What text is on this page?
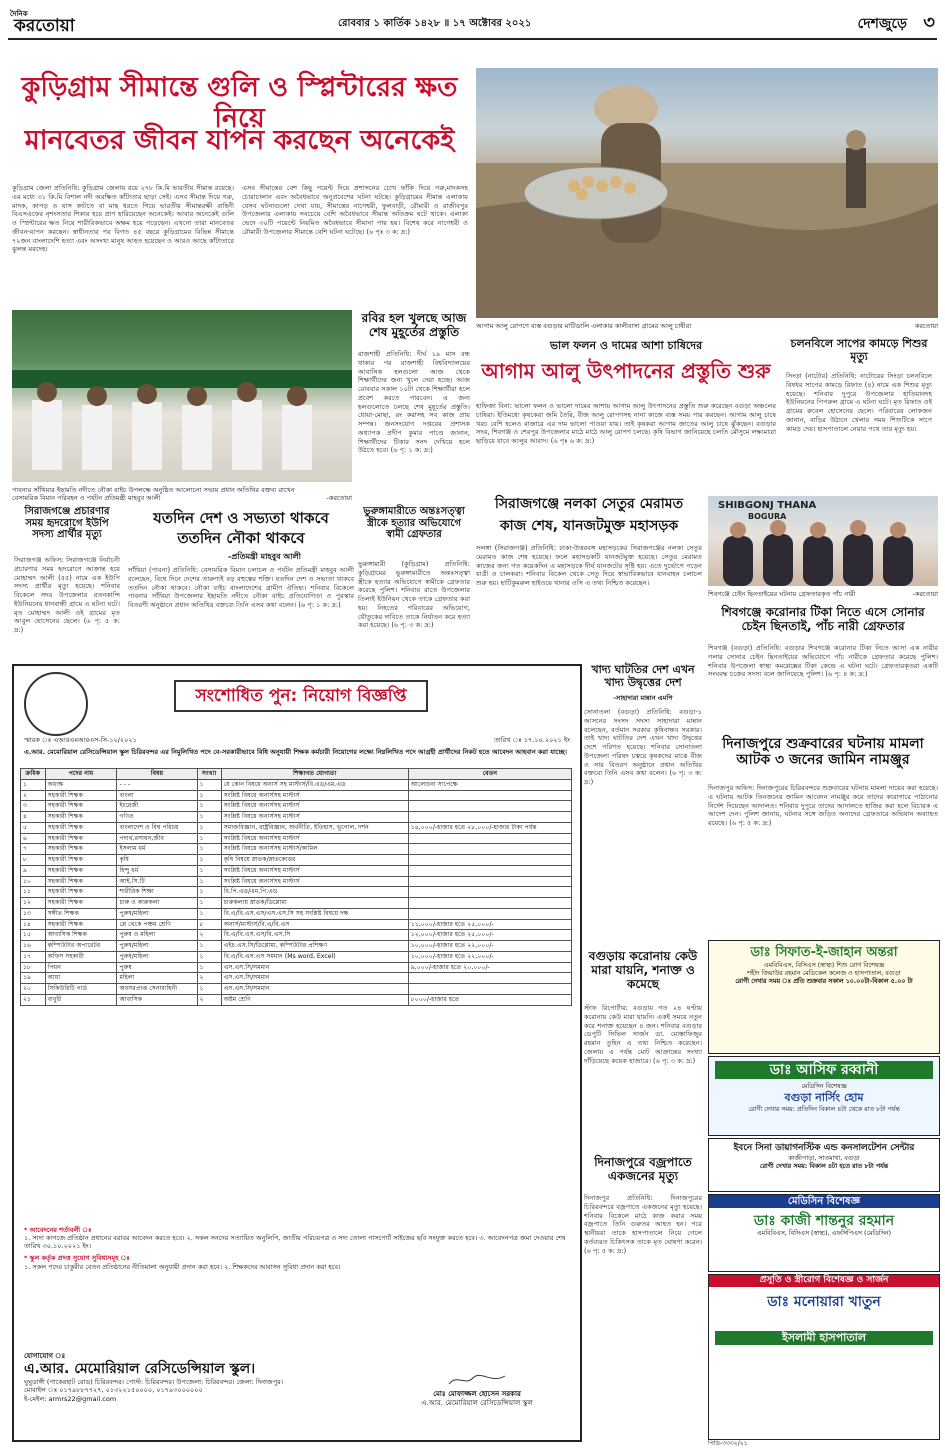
দৈনিক
করতোয়া	রোববার ১ কার্তিক ১৪২৮ ॥ ১৭ অক্টোবর ২০২১	দেশজুড়ে ৩
কুড়িগ্রাম সীমান্তে গুলি ও স্প্লিন্টারের ক্ষত নিয়ে
মানবেতর জীবন যাপন করছেন অনেকেই
কুড়িগ্রাম জেলা প্রতিনিধি: কুড়িগ্রাম জেলায় রয়ে ২৭৮ কি.মি ভারতীয় সীমান্ত রয়েছে। এর মধ্যে ৩১ কি.মি বিশাল নদী অরক্ষিত কাঁটাতার ছাড়া সেই। এসব সীমান্ত দিয়ে গরু, মাদক, কাপড় ও যাস কাটতে বা মাছ ধরতে গিয়ে ভারতীয় সীমান্তরক্ষী বাহিনী বিএসএফের নৃশংসতার শিকার হয়ে প্রাণ হারিয়েছেন অনেকেই। আবার অনেকেই গুলি ও স্প্লিন্টারের ক্ষত নিয়ে শারীরিকভাবে অক্ষম হয়ে পড়েছেন। এখনো তারা মানবেতর জীবন-যাপন করছেন। স্বাধীনতার পর বিগত ৪৫ বছরে কুড়িগ্রামের বিভিন্ন সীমান্তে ৭২জন বাংলাদেশি হত্যা এবং অসংখ্য মানুষ আহত হয়েছেন ও আরও আছে কাঁটাতারে ঝুলন্ত মরদেহ।
এসব সীমান্তের বেশ কিছু পয়েন্ট দিয়ে প্রশাসনের চোখ ফাঁকি দিয়ে গরু,মাদকসহ চোরাচালান এবং অবৈধভাবে অনুপ্রবেশের ঘটনা ঘটছে। কুড়িগ্রামের সীমান্ত এলাকায় যেসব ঘটনাগুলো দেখা যায়, সীমান্তের নাগেশ্বরী, ফুলবাড়ী, রৌমারী ও রাজীবপুর উপজেলার এলাকায় সবচেয়ে বেশি অবৈধভাবে সীমান্ত অতিক্রম ঘটে থাকে। এলাকা ভেদে ৩০টি পয়েন্টে নিয়মিত অবৈধভাবে সীমানা পার হয়। বিশেষ করে নাগেশ্বরী ও রৌমারী উপজেলার সীমান্তে বেশি ঘটনা ঘটেছে। (৬ পৃঃ ৩ ক: দ্র:)
আগাম আলু রোপণে ব্যস্ত বগুড়ার মাটিডালি এলাকার কালীবাসা গ্রামের আলু চাষীরা	করতোয়া
পাবনার সাঁথিয়ার ইছামতি নদীতে নৌকা বাইচ উপলক্ষে অনুষ্ঠিত আলোচনা সভায় প্রধান অতিথির বক্তব্য রাখেন বেসামরিক বিমান পরিবহন ও পর্যটন প্রতিমন্ত্রী মাহবুব আলী	-করতোয়া
রবির হল খুলছে আজ শেষ মুহূর্তের প্রস্তুতি
রাজশাহী প্রতিনিধি: দীর্ঘ ১৯ মাস বন্ধ থাকার পর রাজশাহী বিশ্ববিদ্যালয়ের আবাসিক হলগুলো আজ থেকে শিক্ষার্থীদের জন্য খুলে দেয়া হচ্ছে। আজ রোববার সকাল ১০টা থেকে শিক্ষার্থীরা হলে প্রবেশ করতে পারবেন। এ জন্য হলগুলোতে চলছে শেষ মুহূর্তের প্রস্তুতি। ধোয়া-মোছা, রং করাসহ সব কাজ প্রায় সম্পন্ন। জনসংযোগ দপ্তরের প্রশাসক অধ্যাপক প্রদীপ কুমার পাণ্ডে জানান, শিক্ষার্থীদের টিকার সনদ দেখিয়ে হলে উঠতে হবে। (৬ পৃ: ১ ক: দ্র:)
সিরাজগঞ্জে প্রচারণার সময় হৃদরোগে ইউপি সদস্য প্রার্থীর মৃত্যু
সিরাজগঞ্জ অফিস: সিরাজগঞ্জে নির্বাচনী প্রচারণার সময় হৃদরোগে আক্রান্ত হয়ে মোহাম্মদ আলী (৫৫) নামে এক ইউপি সদস্য প্রার্থীর মৃত্যু হয়েছে। শনিবার বিকেলে সদর উপজেলার রতনকান্দি ইউনিয়নের ধানবান্ধী গ্রামে এ ঘটনা ঘটে। মৃত মোহাম্মদ আলী ওই গ্রামের মৃত আবুল হোসেনের ছেলে। (৬ পৃ: ৫ ক: দ্র:)
যতদিন দেশ ও সভ্যতা থাকবে
ততদিন নৌকা থাকবে
-প্রতিমন্ত্রী মাহবুব আলী
সাঁথিয়া (পাবনা) প্রতিনিধি: বেসামরিক বিমান চলাচল ও পর্যটন প্রতিমন্ত্রী মাহবুব আলী বলেছেন, বিশ্বে দিনে দেশের তারুণ্যই বড় বহুত্বের শক্তি। যতদিন দেশ ও সভ্যতা থাকবে ততদিন নৌকা থাকবে। নৌকা বাইচ বাংলাদেশের গ্রামীণ ঐতিহ্য। শনিবার বিকেলে পাবনার সাঁথিয়া উপজেলার ইছামতি নদীতে নৌকা বাইচ প্রতিযোগিতা ও পুরস্কার বিতরণী অনুষ্ঠানে প্রধান অতিথির বক্তব্যে তিনি এসব কথা বলেন। (৬ পৃ: ১ ক: দ্র:)
ভুরুঙ্গামারীতে অন্তঃসত্ত্বা স্ত্রীকে হত্যার অভিযোগে স্বামী গ্রেফতার
ভুরুঙ্গামারী (কুড়িগ্রাম) প্রতিনিধি: কুড়িগ্রামের ভুরুঙ্গামারীতে অন্তঃসত্ত্বা স্ত্রীকে হত্যার অভিযোগে স্বামীকে গ্রেফতার করেছে পুলিশ। শনিবার রাতে উপজেলার তিলাই ইউনিয়ন থেকে তাকে গ্রেফতার করা হয়। নিহতের পরিবারের অভিযোগ, যৌতুকের দাবিতে তাকে নির্যাতন করে হত্যা করা হয়েছে। (৬ পৃ: ৩ ক: দ্র:)
ভাল ফলন ও দামের আশা চাষিদের
আগাম আলু উৎপাদনের প্রস্তুতি শুরু
হাফিজা বিনা: ভালো ফলন ও ভালো দামের আশায় আগাম আলু উৎপাদনের প্রস্তুতি শুরু করেছেন বগুড়া অঞ্চলের চাষিরা। ইতিমধ্যে কৃষকেরা জমি তৈরি, বীজ আলু রোপণসহ নানা কাজে ব্যস্ত সময় পার করছেন। আগাম আলু চাষে খরচ বেশি হলেও বাজারে এর দাম ভালো পাওয়া যায়। তাই কৃষকরা আগাম জাতের আলু চাষে ঝুঁকছেন। বগুড়ার সদর, শিবগঞ্জ ও শেরপুর উপজেলার মাঠে মাঠে আলু রোপণ চলছে। কৃষি বিভাগ জানিয়েছে চলতি মৌসুমে লক্ষ্যমাত্রা ছাড়িয়ে যাবে আলুর আবাদ। (৬ পৃঃ ৬ ক: দ্র:)
চলনবিলে সাপের কামড়ে শিশুর মৃত্যু
সিংড়া (নাটোর) প্রতিনিধি: নাটোরের সিংড়া চলনবিলে বিষধর সাপের কামড়ে রিফাত (৪) নামে এক শিশুর মৃত্যু হয়েছে। শনিবার দুপুরে উপজেলার হাতিয়ানদহ ইউনিয়নের পিপরুল গ্রামে এ ঘটনা ঘটে। মৃত রিফাত ওই গ্রামের রুবেল হোসেনের ছেলে। পরিবারের লোকজন জানান, বাড়ির উঠানে খেলার সময় শিশুটিকে সাপে কামড় দেয়। হাসপাতালে নেয়ার পথে তার মৃত্যু হয়।
সিরাজগঞ্জে নলকা সেতুর মেরামত
কাজ শেষ, যানজটমুক্ত মহাসড়ক
সলঙ্গা (সিরাজগঞ্জ) প্রতিনিধি: ঢাকা-উত্তরবঙ্গ মহাসড়কের সিরাজগঞ্জের নলকা সেতুর মেরামত কাজ শেষ হয়েছে। ফলে মহাসড়কটি যানজটমুক্ত হয়েছে। সেতুর মেরামত কাজের জন্য গত কয়েকদিন এ মহাসড়কে দীর্ঘ যানজটের সৃষ্টি হয়। এতে দুর্ভোগে পড়েন যাত্রী ও চালকরা। শনিবার বিকেল থেকে সেতু দিয়ে স্বাভাবিকভাবে যানবাহন চলাচল শুরু হয়। হাটিকুমরুল হাইওয়ে থানার ওসি এ তথ্য নিশ্চিত করেছেন।
SHIBGONJ THANA
BOGURA
শিবগঞ্জে চেইন ছিনতাইয়ের ঘটনায় গ্রেফতারকৃত পাঁচ নারী	-করতোয়া
শিবগঞ্জে করোনার টিকা নিতে এসে সোনার চেইন ছিনতাই, পাঁচ নারী গ্রেফতার
শিবগঞ্জ (বগুড়া) প্রতিনিধি: বগুড়ার শিবগঞ্জে করোনার টিকা নিতে আসা এক নারীর গলার সোনার চেইন ছিনতাইয়ের অভিযোগে পাঁচ নারীকে গ্রেফতার করেছে পুলিশ। শনিবার উপজেলা স্বাস্থ্য কমপ্লেক্সের টিকা কেন্দ্রে এ ঘটনা ঘটে। গ্রেফতারকৃতরা একটি সংঘবদ্ধ চক্রের সদস্য বলে জানিয়েছে পুলিশ। (৬ পৃ: ৪ ক: দ্র:)
খাদ্য ঘাটতির দেশ এখন খাদ্য উদ্বৃত্তের দেশ
-সাহাদারা মান্নান এমপি
সোনাতলা (বগুড়া) প্রতিনিধি: বগুড়া-১ আসনের সংসদ সদস্য সাহাদারা মান্নান বলেছেন, বর্তমান সরকার কৃষিবান্ধব সরকার। তাই খাদ্য ঘাটতির দেশ এখন খাদ্য উদ্বৃত্তের দেশে পরিণত হয়েছে। শনিবার সোনাতলা উপজেলা পরিষদ চত্বরে কৃষকদের মাঝে বীজ ও সার বিতরণ অনুষ্ঠানে প্রধান অতিথির বক্তব্যে তিনি এসব কথা বলেন। (৬ পৃ: ৩ ক: দ্র:)
দিনাজপুরে শুক্রবারের ঘটনায় মামলা আটক ৩ জনের জামিন নামঞ্জুর
দিনাজপুর অফিস: দিনাজপুরের চিরিরবন্দরে শুক্রবারের ঘটনায় মামলা দায়ের করা হয়েছে। এ ঘটনায় আটক তিনজনের জামিন আবেদন নামঞ্জুর করে তাদের কারাগারে পাঠানোর নির্দেশ দিয়েছেন আদালত। শনিবার দুপুরে তাদের আদালতে হাজির করা হলে বিচারক এ আদেশ দেন। পুলিশ জানায়, ঘটনার সঙ্গে জড়িত অন্যদের গ্রেফতারে অভিযান অব্যাহত রয়েছে। (৬ পৃ: ৫ ক: দ্র:)
বগুড়ায় করোনায় কেউ মারা যায়নি, শনাক্ত ও কমেছে
স্টাফ রিপোর্টার: বগুড়ায় গত ২৪ ঘণ্টায় করোনায় কেউ মারা যায়নি। একই সময়ে নতুন করে শনাক্ত হয়েছেন ৪ জন। শনিবার বগুড়ার ডেপুটি সিভিল সার্জন ডা. মোস্তাফিজুর রহমান তুহিন এ তথ্য নিশ্চিত করেছেন। জেলায় এ পর্যন্ত মোট আক্রান্তের সংখ্যা দাঁড়িয়েছে কয়েক হাজারে। (৬ পৃ: ৩ ক: দ্র:)
দিনাজপুরে বজ্রপাতে একজনের মৃত্যু
দিনাজপুর প্রতিনিধি: দিনাজপুরের চিরিরবন্দরে বজ্রপাতে একজনের মৃত্যু হয়েছে। শনিবার বিকেলে মাঠে কাজ করার সময় বজ্রপাতে তিনি গুরুতর আহত হন। পরে স্থানীয়রা তাকে হাসপাতালে নিয়ে গেলে কর্তব্যরত চিকিৎসক তাকে মৃত ঘোষণা করেন। (৬ পৃ: ৫ ক: দ্র:)
সংশোধিত পুন: নিয়োগ বিজ্ঞপ্তি
স্মারক ঃ এআরএমআরএস-সি-১২/২০২১	তারিখ ঃ ১৭.১০.২০২১ ইং
এ.আর. মেমোরিয়াল রেসিডেন্সিয়াল স্কুল চিরিরবন্দর এর নিমুলিখিত পদে বে-সরকারীভাবে বিধি অনুযায়ী শিক্ষক কর্মচারী নিয়োগের লক্ষ্যে নিম্নলিখিত পদে আগ্রহী প্রার্থীদের নিকট হতে আবেদন আহবান করা যাচ্ছে।
ক্রমিক	পদের নাম	বিষয়	সংখ্যা	শিক্ষাগত যোগ্যতা	বেতন
১	অধ্যক্ষ	- - -	১	যে কোন বিষয়ে অনার্স সহ মাস্টার্স/বি.এড/এম.এড	আলোচনা সাপেক্ষে
২	সহকারী শিক্ষক	বাংলা	১	সংশ্লিষ্ট বিষয়ে অনার্সসহ মাস্টার্স	
৩	সহকারী শিক্ষক	ইংরেজী	১	সংশ্লিষ্ট বিষয়ে অনার্সসহ মাস্টার্স	
৪	সহকারী শিক্ষক	গণিত	১	সংশ্লিষ্ট বিষয়ে অনার্সসহ মাস্টার্স	
৫	সহকারী শিক্ষক	বাংলাদেশ ও বিশ্ব পরিচয়	১	সমাজবিজ্ঞান, রাষ্ট্রবিজ্ঞান, অর্থনীতি, ইতিহাস, ভূগোল, দর্শন	১৪,০০০/-হাজার হতে ২৮,০০০/-হাজার টাকা পর্যন্ত
৬	সহকারী শিক্ষক	পদার্থ,রসায়ন,জীব	১	সংশ্লিষ্ট বিষয়ে অনার্সসহ মাস্টার্স	
৭	সহকারী শিক্ষক	ইসলাম ধর্ম	১	সংশ্লিষ্ট বিষয়ে অনার্সসহ মাস্টার্স/কামিল	
৮	সহকারী শিক্ষক	কৃষি	১	কৃষি বিষয়ে স্নাতক/স্নাতকোত্তর	
৯	সহকারী শিক্ষক	হিন্দু ধর্ম	১	সংশ্লিষ্ট বিষয়ে অনার্সসহ মাস্টার্স	
১০	সহকারী শিক্ষক	আই.সি.টি	১	সংশ্লিষ্ট বিষয়ে অনার্সসহ মাস্টার্স	
১১	সহকারী শিক্ষক	শারীরিক শিক্ষা	১	বি.পি.এড/এম.পি.এড	
১২	সহকারী শিক্ষক	চারু ও কারুকলা	১	চারুকলায় স্নাতক/ডিপ্লোমা	
১৩	সঙ্গীত শিক্ষক	পুরুষ/মহিলা	১	বি.এ/বি.এস.এস/এস.এস.সি সহ সংশ্লিষ্ট বিষয়ে দক্ষ	
১৪	সহকারী শিক্ষক	প্লে থেকে পঞ্চম শ্রেণি	৮	অনার্স/মাস্টার্স/বি.এ/বি.এস	১১,০০০/-হাজার হতে ২৫,০০০/-
১৫	আবাসিক শিক্ষক	পুরুষ ও মহিলা	২	বি.এ/বি.এস.এস/বি.এস.সি	১২,০০০/-হাজার হতে ২৫,০০০/-
১৬	কম্পিউটার অপারেটর	পুরুষ/মহিলা	১	এইচ.এস.সি/ডিপ্লোমা, কম্পিউটার প্রশিক্ষণ	১০,০০০/-হাজার হতে ২২,০০০/-
১৭	অফিস সহকারী	পুরুষ/মহিলা	১	বি.এ/বি.এস.এস সমমান (Ms word, Excel)	১০,০০০/-হাজার হতে ২২,০০০/-
১৮	পিয়ন	পুরুষ	১	এস.এস.সি/সমমান	৯,০০০/-হাজার হতে ২০,০০০/-
১৯	আয়া	মহিলা	২	এস.এস.সি/সমমান	
২০	সিকিউরিটি গার্ড	অবসরপ্রাপ্ত সেনাবাহিনী	১	এস.এস.সি/সমমান	
২১	বাবুর্চি	আবাসিক	২	অষ্টম শ্রেণি	৮০০০/-হাজার হতে
* আবেদনের শর্তাবলী ঃ
১. সাদা কাগজে প্রতিষ্ঠান প্রধানের বরাবর আবেদন করতে হবে। ২. সকল সনদের সত্যায়িত অনুলিপি, জাতীয় পরিচয়পত্র ও সদ্য তোলা পাসপোর্ট সাইজের ছবি সংযুক্ত করতে হবে। ৩. আবেদনপত্র জমা দেওয়ার শেষ তারিখ ৩০.১০.২০২১ ইং।
* স্কুল কর্তৃক প্রদত্ত সুযোগ সুবিধাসমূহ ঃ
১. সকল পদের চাকুরীর বেতন প্রতিষ্ঠানের নীতিমালা অনুযায়ী প্রদান করা হবে। ২. শিক্ষকদের আবাসন সুবিধা প্রদান করা হবে।
যোগাযোগ ঃ
এ.আর. মেমোরিয়াল রেসিডেন্সিয়াল স্কুল।
ঘুঘুডাঙ্গী (পাকেরহাট রোড) চিরিরবন্দর। পোস্ট: চিরিরবন্দর। উপজেলা: চিরিরবন্দর। জেলা: দিনাজপুর।
মোবাইল ঃ ০১৭৯৮৮৭৭২৭, ০১৩২২১৫০০০০, ০১৭৯৩০০০০০০
ই-মেইল: armrs22@gmail.com
মোঃ মোফাজ্জল হোসেন সরকার
এ.আর. মেমোরিয়াল রেসিডেন্সিয়াল স্কুল
ডাঃ সিফাত-ই-জাহান অন্তরা
এমবিবিএস, বিসিএস (স্বাস্থ্য) শিশু রোগ বিশেষজ্ঞ
শহীদ জিয়াউর রহমান মেডিকেল কলেজ ও হাসপাতাল, বগুড়া
রোগী দেখার সময় ঃ প্রতি শুক্রবার সকাল ১০.০০টা-বিকাল ৫.০০ টা
ডাঃ আসিফ রব্বানী
মেডিসিন বিশেষজ্ঞ
বগুড়া নার্সিং হোম
রোগী দেখার সময়: প্রতিদিন বিকাল ৪টা থেকে রাত ৮টা পর্যন্ত
ইবনে সিনা ডায়াগনস্টিক এন্ড কনসালটেশন সেন্টার
কাজীপাড়া, সাতমাথা, বগুড়া
রোগী দেখার সময়: বিকাল ৪টা হতে রাত ৮টা পর্যন্ত
মেডিসিন বিশেষজ্ঞ
ডাঃ কাজী শান্তনুর রহমান
এমবিবিএস, বিসিএস (স্বাস্থ্য), এফসিপিএস (মেডিসিন)
প্রসূতি ও স্ত্রীরোগ বিশেষজ্ঞ ও সার্জন
ডাঃ মনোয়ারা খাতুন
ইসলামী হাসপাতাল
পিডি-৩৩৩২/২১
